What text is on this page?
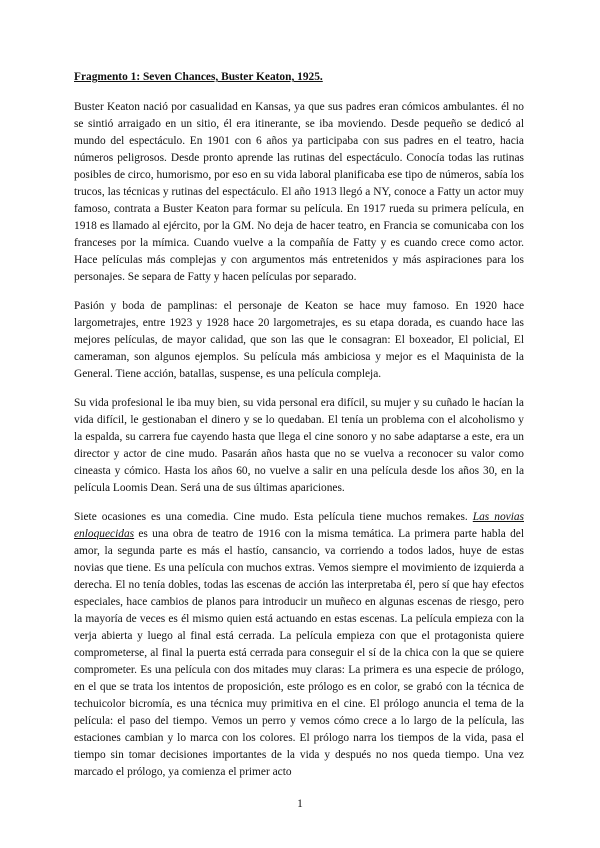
Fragmento 1: Seven Chances, Buster Keaton, 1925.

Buster Keaton nació por casualidad en Kansas, ya que sus padres eran cómicos ambulantes. él no se sintió arraigado en un sitio, él era itinerante, se iba moviendo. Desde pequeño se dedicó al mundo del espectáculo. En 1901 con 6 años ya participaba con sus padres en el teatro, hacia números peligrosos. Desde pronto aprende las rutinas del espectáculo. Conocía todas las rutinas posibles de circo, humorismo, por eso en su vida laboral planificaba ese tipo de números, sabía los trucos, las técnicas y rutinas del espectáculo. El año 1913 llegó a NY, conoce a Fatty un actor muy famoso, contrata a Buster Keaton para formar su película. En 1917 rueda su primera película, en 1918 es llamado al ejército, por la GM. No deja de hacer teatro, en Francia se comunicaba con los franceses por la mímica. Cuando vuelve a la compañía de Fatty y es cuando crece como actor. Hace películas más complejas y con argumentos más entretenidos y más aspiraciones para los personajes. Se separa de Fatty y hacen películas por separado.

Pasión y boda de pamplinas: el personaje de Keaton se hace muy famoso. En 1920 hace largometrajes, entre 1923 y 1928 hace 20 largometrajes, es su etapa dorada, es cuando hace las mejores películas, de mayor calidad, que son las que le consagran: El boxeador, El policial, El cameraman, son algunos ejemplos. Su película más ambiciosa y mejor es el Maquinista de la General. Tiene acción, batallas, suspense, es una película compleja.

Su vida profesional le iba muy bien, su vida personal era difícil, su mujer y su cuñado le hacían la vida difícil, le gestionaban el dinero y se lo quedaban. El tenía un problema con el alcoholismo y la espalda, su carrera fue cayendo hasta que llega el cine sonoro y no sabe adaptarse a este, era un director y actor de cine mudo. Pasarán años hasta que no se vuelva a reconocer su valor como cineasta y cómico. Hasta los años 60, no vuelve a salir en una película desde los años 30, en la película Loomis Dean. Será una de sus últimas apariciones.

Siete ocasiones es una comedia. Cine mudo. Esta película tiene muchos remakes. Las novias enloquecidas es una obra de teatro de 1916 con la misma temática. La primera parte habla del amor, la segunda parte es más el hastío, cansancio, va corriendo a todos lados, huye de estas novias que tiene. Es una película con muchos extras. Vemos siempre el movimiento de izquierda a derecha. El no tenía dobles, todas las escenas de acción las interpretaba él, pero sí que hay efectos especiales, hace cambios de planos para introducir un muñeco en algunas escenas de riesgo, pero la mayoría de veces es él mismo quien está actuando en estas escenas. La película empieza con la verja abierta y luego al final está cerrada. La película empieza con que el protagonista quiere comprometerse, al final la puerta está cerrada para conseguir el sí de la chica con la que se quiere comprometer. Es una película con dos mitades muy claras: La primera es una especie de prólogo, en el que se trata los intentos de proposición, este prólogo es en color, se grabó con la técnica de techuicolor bicromía, es una técnica muy primitiva en el cine. El prólogo anuncia el tema de la película: el paso del tiempo. Vemos un perro y vemos cómo crece a lo largo de la película, las estaciones cambian y lo marca con los colores. El prólogo narra los tiempos de la vida, pasa el tiempo sin tomar decisiones importantes de la vida y después no nos queda tiempo. Una vez marcado el prólogo, ya comienza el primer acto

1
